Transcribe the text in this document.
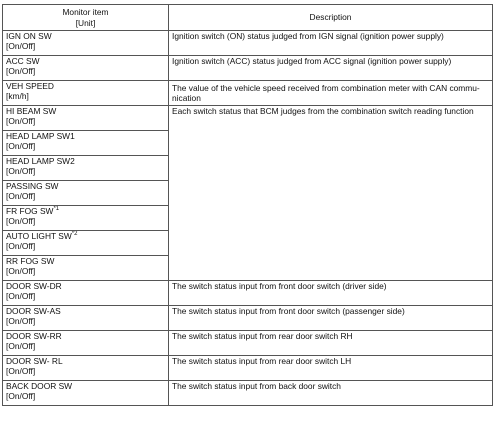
Monitor item
[Unit]	Description

IGN ON SW
[On/Off]	Ignition switch (ON) status judged from IGN signal (ignition power supply)

ACC SW
[On/Off]	Ignition switch (ACC) status judged from ACC signal (ignition power supply)

VEH SPEED
[km/h]	The value of the vehicle speed received from combination meter with CAN commu-nication

HI BEAM SW
[On/Off]	Each switch status that BCM judges from the combination switch reading function

HEAD LAMP SW1
[On/Off]	

HEAD LAMP SW2
[On/Off]	

PASSING SW
[On/Off]	

FR FOG SW$^{*1}$
[On/Off]	

AUTO LIGHT SW$^{*2}$
[On/Off]	

RR FOG SW
[On/Off]	

DOOR SW-DR
[On/Off]	The switch status input from front door switch (driver side)

DOOR SW-AS
[On/Off]	The switch status input from front door switch (passenger side)

DOOR SW-RR
[On/Off]	The switch status input from rear door switch RH

DOOR SW- RL
[On/Off]	The switch status input from rear door switch LH

BACK DOOR SW
[On/Off]	The switch status input from back door switch
